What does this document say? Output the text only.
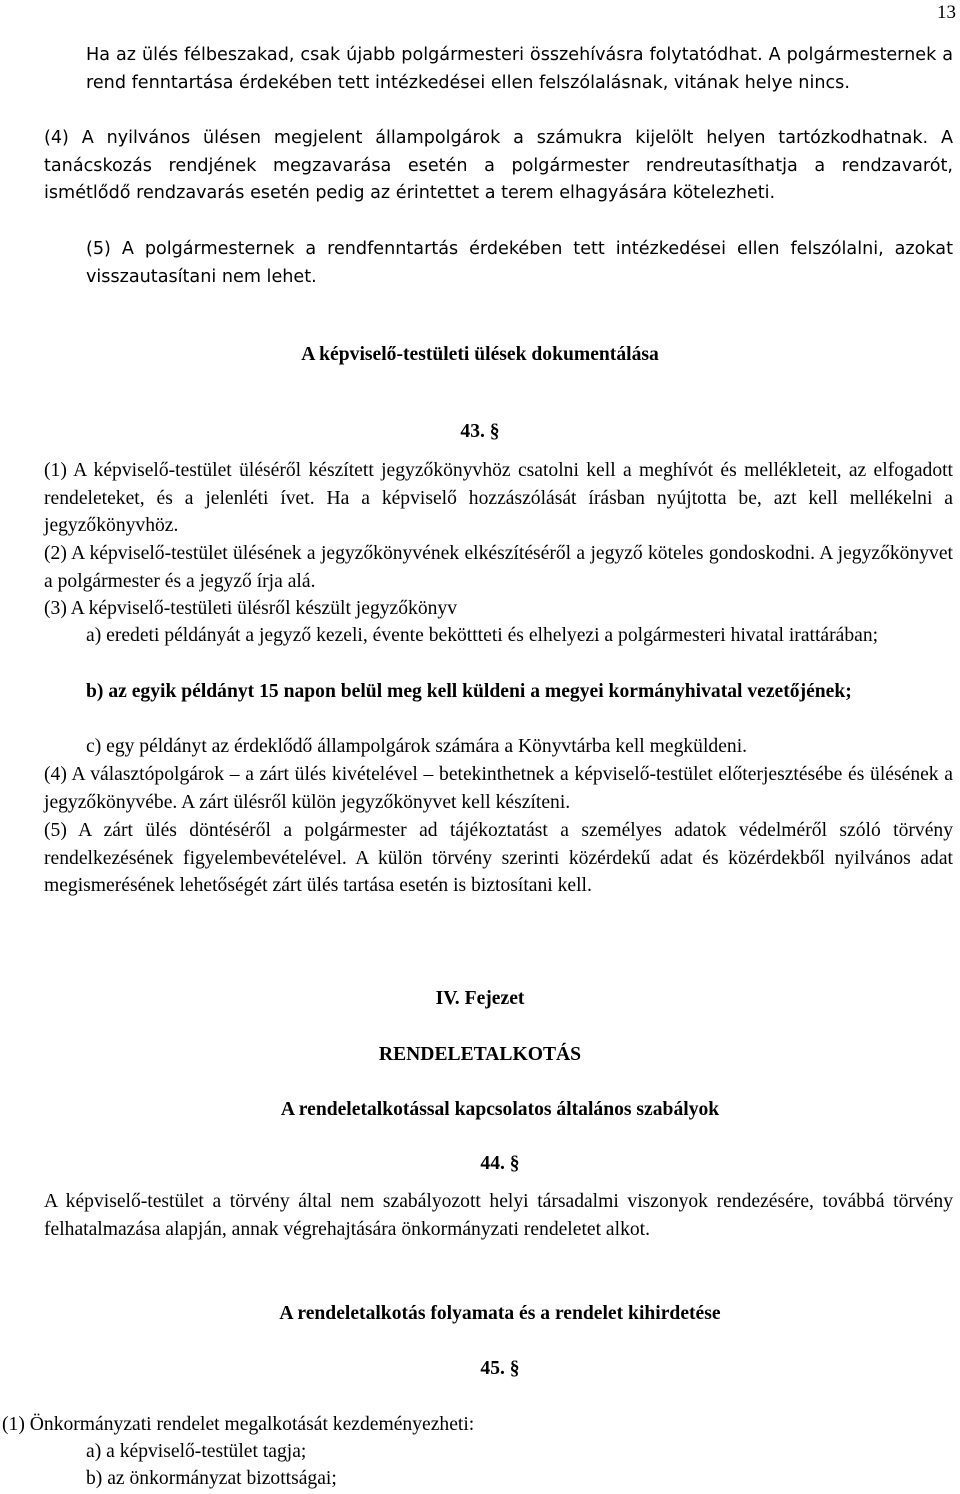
13

Ha az ülés félbeszakad, csak újabb polgármesteri összehívásra folytatódhat. A polgármesternek a rend fenntartása érdekében tett intézkedései ellen felszólalásnak, vitának helye nincs.

(4) A nyilvános ülésen megjelent állampolgárok a számukra kijelölt helyen tartózkodhatnak. A tanácskozás rendjének megzavarása esetén a polgármester rendreutasíthatja a rendzavarót, ismétlődő rendzavarás esetén pedig az érintettet a terem elhagyására kötelezheti.

(5) A polgármesternek a rendfenntartás érdekében tett intézkedései ellen felszólalni, azokat visszautasítani nem lehet.

A képviselő-testületi ülések dokumentálása
43. §

(1) A képviselő-testület üléséről készített jegyzőkönyvhöz csatolni kell a meghívót és mellékleteit, az elfogadott rendeleteket, és a jelenléti ívet. Ha a képviselő hozzászólását írásban nyújtotta be, azt kell mellékelni a jegyzőkönyvhöz.

(2) A képviselő-testület ülésének a jegyzőkönyvének elkészítéséről a jegyző köteles gondoskodni. A jegyzőkönyvet a polgármester és a jegyző írja alá.

(3) A képviselő-testületi ülésről készült jegyzőkönyv

a) eredeti példányát a jegyző kezeli, évente beköttteti és elhelyezi a polgármesteri hivatal irattárában;

b) az egyik példányt 15 napon belül meg kell küldeni a megyei kormányhivatal vezetőjének;

c) egy példányt az érdeklődő állampolgárok számára a Könyvtárba kell megküldeni.

(4) A választópolgárok – a zárt ülés kivételével – betekinthetnek a képviselő-testület előterjesztésébe és ülésének a jegyzőkönyvébe. A zárt ülésről külön jegyzőkönyvet kell készíteni.

(5) A zárt ülés döntéséről a polgármester ad tájékoztatást a személyes adatok védelméről szóló törvény rendelkezésének figyelembevételével. A külön törvény szerinti közérdekű adat és közérdekből nyilvános adat megismerésének lehetőségét zárt ülés tartása esetén is biztosítani kell.

IV. Fejezet
RENDELETALKOTÁS
A rendeletalkotással kapcsolatos általános szabályok
44. §

A képviselő-testület a törvény által nem szabályozott helyi társadalmi viszonyok rendezésére, továbbá törvény felhatalmazása alapján, annak végrehajtására önkormányzati rendeletet alkot.

A rendeletalkotás folyamata és a rendelet kihirdetése
45. §

(1) Önkormányzati rendelet megalkotását kezdeményezheti:

a) a képviselő-testület tagja;

b) az önkormányzat bizottságai;
